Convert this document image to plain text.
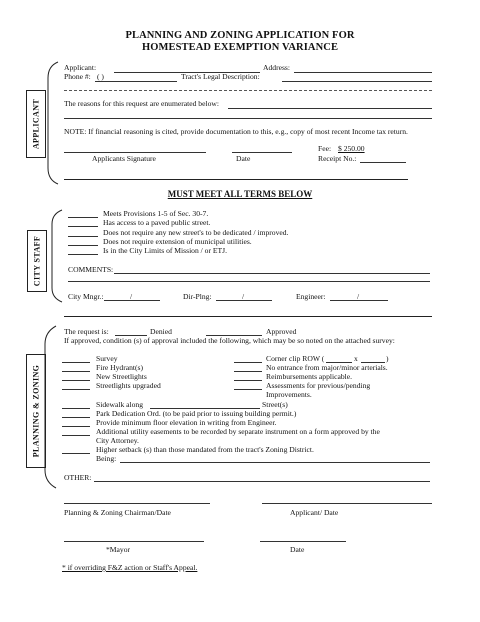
PLANNING AND ZONING APPLICATION FOR
HOMESTEAD EXEMPTION VARIANCE
APPLICANT
Applicant:	Address:
Phone #: ( )	Tract's Legal Description:
The reasons for this request are enumerated below:
NOTE: If financial reasoning is cited, provide documentation to this, e.g., copy of most recent Income tax return.
Fee: $ 250.00
Applicants Signature	Date	Receipt No.:
MUST MEET ALL TERMS BELOW
CITY STAFF
Meets Provisions 1-5 of Sec. 30-7.
Has access to a paved public street.
Does not require any new street's to be dedicated / improved.
Does not require extension of municipal utilities.
Is in the City Limits of Mission / or ETJ.
COMMENTS:
City Mngr.:	/	Dir-Plng:	/	Engineer:	/
PLANNING & ZONING
The request is:	Denied	Approved
If approved, condition (s) of approval included the following, which may be so noted on the attached survey:
Survey
Fire Hydrant(s)
New Streetlights
Streetlights upgraded
Corner clip ROW (	x	)
No entrance from major/minor arterials.
Reimbursements applicable.
Assessments for previous/pending
Improvements.
Sidewalk along	Street(s)
Park Dedication Ord. (to be paid prior to issuing building permit.)
Provide minimum floor elevation in writing from Engineer.
Additional utility easements to be recorded by separate instrument on a form approved by the
City Attorney.
Higher setback (s) than those mandated from the tract's Zoning District.
Being:
OTHER:
Planning & Zoning Chairman/Date	Applicant/ Date
*Mayor	Date
* if overriding F&Z action or Staff's Appeal.
